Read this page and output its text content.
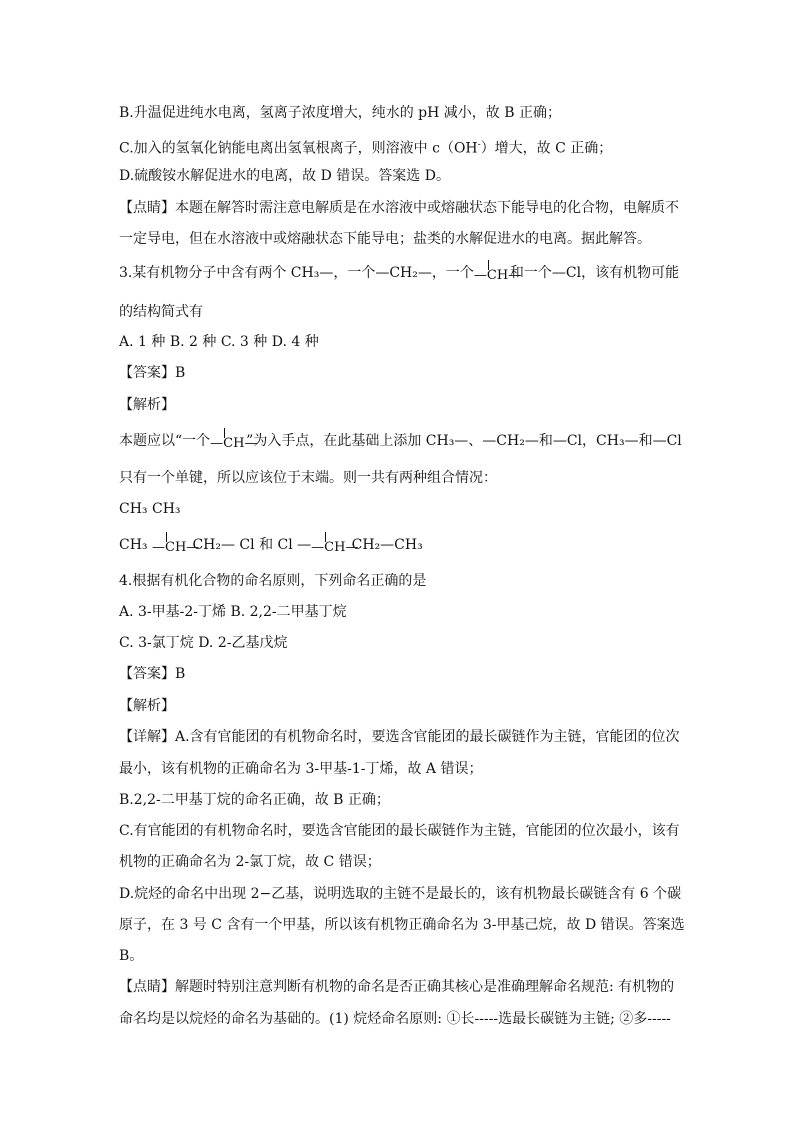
B.升温促进纯水电离，氢离子浓度增大，纯水的 pH 减小，故 B 正确；
C.加入的氢氧化钠能电离出氢氧根离子，则溶液中 c（OH-）增大，故 C 正确；
D.硫酸铵水解促进水的电离，故 D 错误。答案选 D。
【点睛】本题在解答时需注意电解质是在水溶液中或熔融状态下能导电的化合物，电解质不
一定导电，但在水溶液中或熔融状态下能导电；盐类的水解促进水的电离。据此解答。
3.某有机物分子中含有两个 CH₃—，一个—CH₂—，一个 —CH—
和一个—Cl，该有机物可能
的结构简式有
A. 1 种 B. 2 种 C. 3 种 D. 4 种
【答案】B
【解析】
本题应以“一个 —CH—
”为入手点，在此基础上添加 CH₃—、—CH₂—和—Cl，CH₃—和—Cl
只有一个单键，所以应该位于末端。则一共有两种组合情况：
CH₃ CH₃
CH₃ —CH—
CH₂— Cl 和 Cl — —CH—
CH₂—CH₃
4.根据有机化合物的命名原则，下列命名正确的是
A. 3-甲基-2-丁烯 B. 2,2-二甲基丁烷
C. 3-氯丁烷 D. 2-乙基戊烷
【答案】B
【解析】
【详解】A.含有官能团的有机物命名时，要选含官能团的最长碳链作为主链，官能团的位次
最小，该有机物的正确命名为 3-甲基-1-丁烯，故 A 错误；
B.2,2-二甲基丁烷的命名正确，故 B 正确；
C.有官能团的有机物命名时，要选含官能团的最长碳链作为主链，官能团的位次最小，该有
机物的正确命名为 2-氯丁烷，故 C 错误；
D.烷烃的命名中出现 2−乙基，说明选取的主链不是最长的，该有机物最长碳链含有 6 个碳
原子，在 3 号 C 含有一个甲基，所以该有机物正确命名为 3-甲基己烷，故 D 错误。答案选
B。
【点睛】解题时特别注意判断有机物的命名是否正确其核心是准确理解命名规范: 有机物的
命名均是以烷烃的命名为基础的。(1) 烷烃命名原则: ①长-----选最长碳链为主链; ②多-----
